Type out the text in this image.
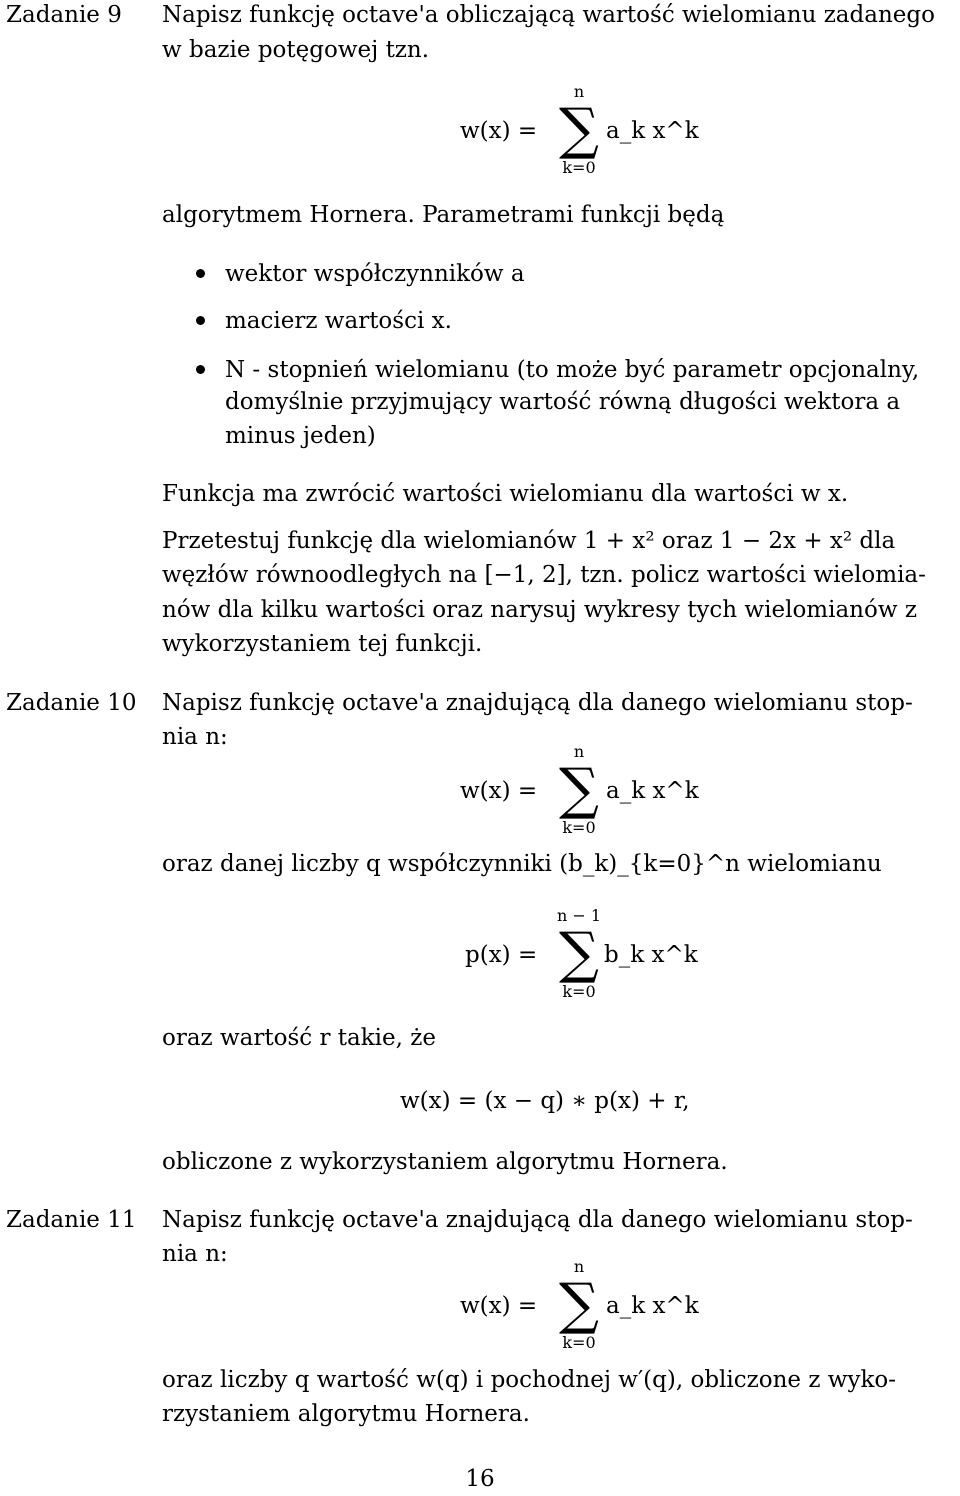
Zadanie 9 Napisz funkcję octave'a obliczającą wartość wielomianu zadanego
w bazie potęgowej tzn.
w(x) =
n
∑
k=0
a_k x^k
algorytmem Hornera. Parametrami funkcji będą
wektor współczynników a
macierz wartości x.
N - stopnień wielomianu (to może być parametr opcjonalny,
domyślnie przyjmujący wartość równą długości wektora a
minus jeden)
Funkcja ma zwrócić wartości wielomianu dla wartości w x.
Przetestuj funkcję dla wielomianów 1 + x² oraz 1 − 2x + x² dla
węzłów równoodległych na [−1, 2], tzn. policz wartości wielomia-
nów dla kilku wartości oraz narysuj wykresy tych wielomianów z
wykorzystaniem tej funkcji.
Zadanie 10 Napisz funkcję octave'a znajdującą dla danego wielomianu stop-
nia n:
w(x) =
n
∑
k=0
a_k x^k
oraz danej liczby q współczynniki (b_k)_{k=0}^n wielomianu
p(x) =
n − 1
∑
k=0
b_k x^k
oraz wartość r takie, że
w(x) = (x − q) ∗ p(x) + r,
obliczone z wykorzystaniem algorytmu Hornera.
Zadanie 11 Napisz funkcję octave'a znajdującą dla danego wielomianu stop-
nia n:
w(x) =
n
∑
k=0
a_k x^k
oraz liczby q wartość w(q) i pochodnej w′(q), obliczone z wyko-
rzystaniem algorytmu Hornera.
16
